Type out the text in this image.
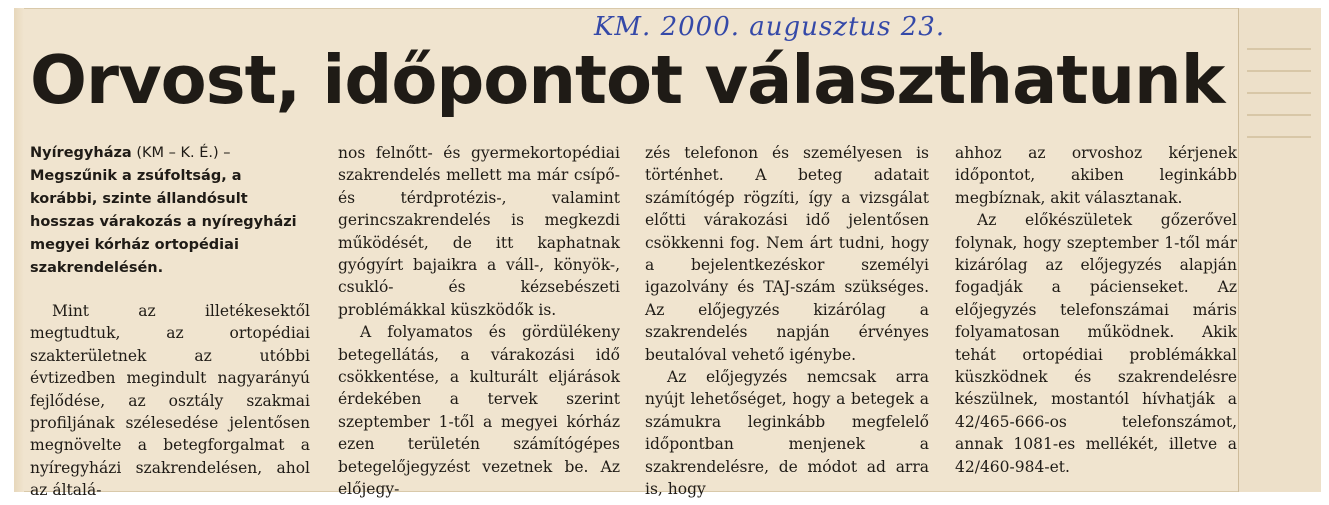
KM. 2000. augusztus 23.
Orvost, időpontot választhatunk

Nyíregyháza (KM – K. É.) – Megszűnik a zsúfoltság, a korábbi, szinte állandósult hosszas várakozás a nyíregyházi megyei kórház ortopédiai szakrendelésén.

Mint az illetékesektől megtudtuk, az ortopédiai szakterületnek az utóbbi évtizedben megindult nagyarányú fejlődése, az osztály szakmai profiljának szélesedése jelentősen megnövelte a betegforgalmat a nyíregyházi szakrendelésen, ahol az általá-

nos felnőtt- és gyermekortopédiai szakrendelés mellett ma már csípő- és térdprotézis-, valamint gerincszakrendelés is megkezdi működését, de itt kaphatnak gyógyírt bajaikra a váll-, könyök-, csukló- és kézsebészeti problémákkal küszködők is.

A folyamatos és gördülékeny betegellátás, a várakozási idő csökkentése, a kulturált eljárások érdekében a tervek szerint szeptember 1-től a megyei kórház ezen területén számítógépes betegelőjegyzést vezetnek be. Az előjegy-

zés telefonon és személyesen is történhet. A beteg adatait számítógép rögzíti, így a vizsgálat előtti várakozási idő jelentősen csökkenni fog. Nem árt tudni, hogy a bejelentkezéskor személyi igazolvány és TAJ-szám szükséges. Az előjegyzés kizárólag a szakrendelés napján érvényes beutalóval vehető igénybe.

Az előjegyzés nemcsak arra nyújt lehetőséget, hogy a betegek a számukra leginkább megfelelő időpontban menjenek a szakrendelésre, de módot ad arra is, hogy

ahhoz az orvoshoz kérjenek időpontot, akiben leginkább megbíznak, akit választanak.

Az előkészületek gőzerővel folynak, hogy szeptember 1-től már kizárólag az előjegyzés alapján fogadják a pácienseket. Az előjegyzés telefonszámai máris folyamatosan működnek. Akik tehát ortopédiai problémákkal küszködnek és szakrendelésre készülnek, mostantól hívhatják a 42/465-666-os telefonszámot, annak 1081-es mellékét, illetve a 42/460-984-et.
